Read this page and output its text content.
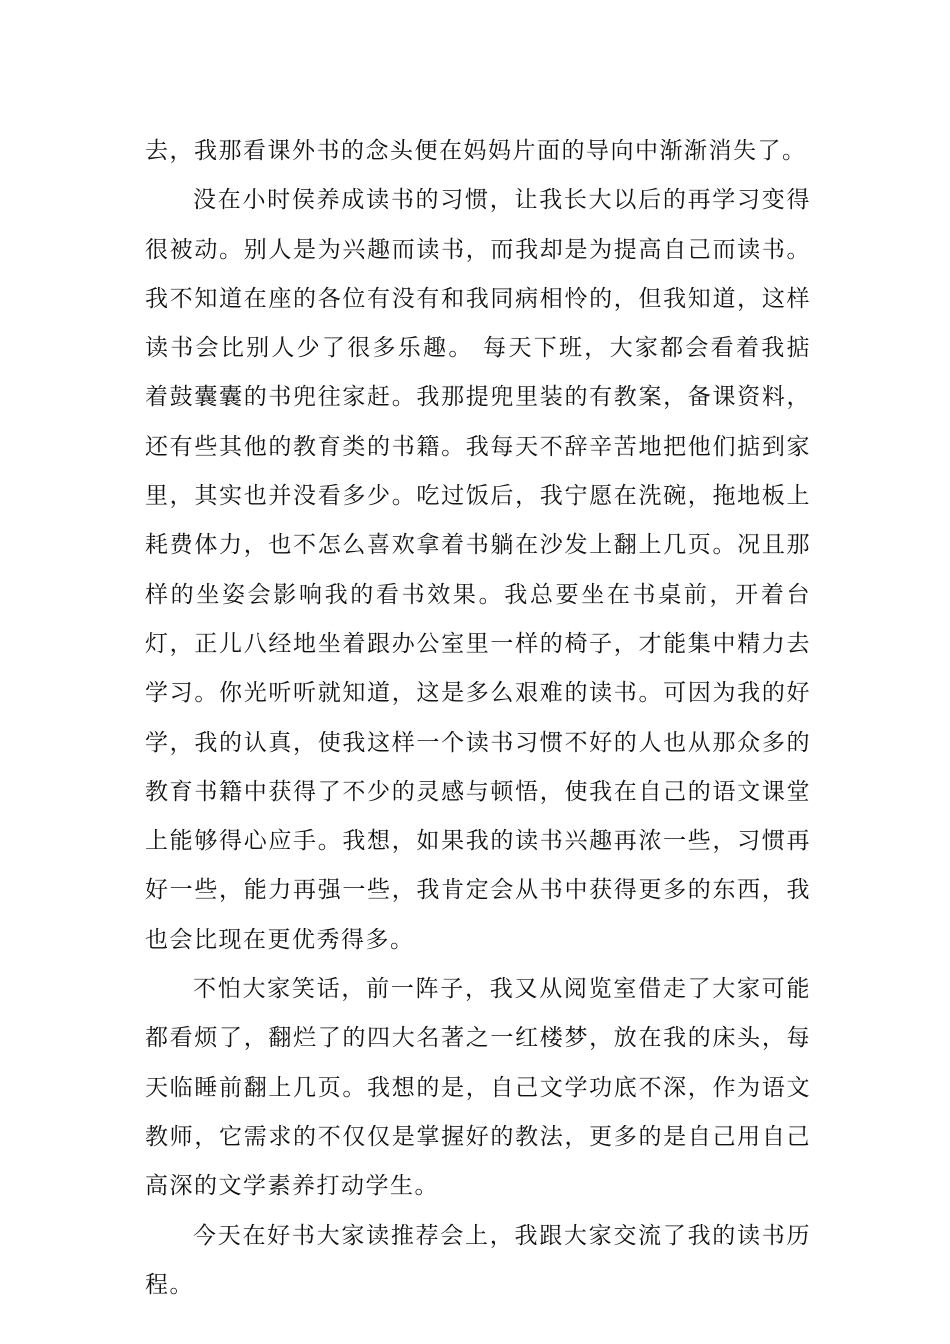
去，我那看课外书的念头便在妈妈片面的导向中渐渐消失了。

没在小时侯养成读书的习惯，让我长大以后的再学习变得很被动。别人是为兴趣而读书，而我却是为提高自己而读书。我不知道在座的各位有没有和我同病相怜的，但我知道，这样读书会比别人少了很多乐趣。 每天下班，大家都会看着我掂着鼓囊囊的书兜往家赶。我那提兜里装的有教案，备课资料，还有些其他的教育类的书籍。我每天不辞辛苦地把他们掂到家里，其实也并没看多少。吃过饭后，我宁愿在洗碗，拖地板上耗费体力，也不怎么喜欢拿着书躺在沙发上翻上几页。况且那样的坐姿会影响我的看书效果。我总要坐在书桌前，开着台灯，正儿八经地坐着跟办公室里一样的椅子，才能集中精力去学习。你光听听就知道，这是多么艰难的读书。可因为我的好学，我的认真，使我这样一个读书习惯不好的人也从那众多的教育书籍中获得了不少的灵感与顿悟，使我在自己的语文课堂上能够得心应手。我想，如果我的读书兴趣再浓一些，习惯再好一些，能力再强一些，我肯定会从书中获得更多的东西，我也会比现在更优秀得多。

不怕大家笑话，前一阵子，我又从阅览室借走了大家可能都看烦了，翻烂了的四大名著之一红楼梦，放在我的床头，每天临睡前翻上几页。我想的是，自己文学功底不深，作为语文教师，它需求的不仅仅是掌握好的教法，更多的是自己用自己高深的文学素养打动学生。

今天在好书大家读推荐会上，我跟大家交流了我的读书历程。
